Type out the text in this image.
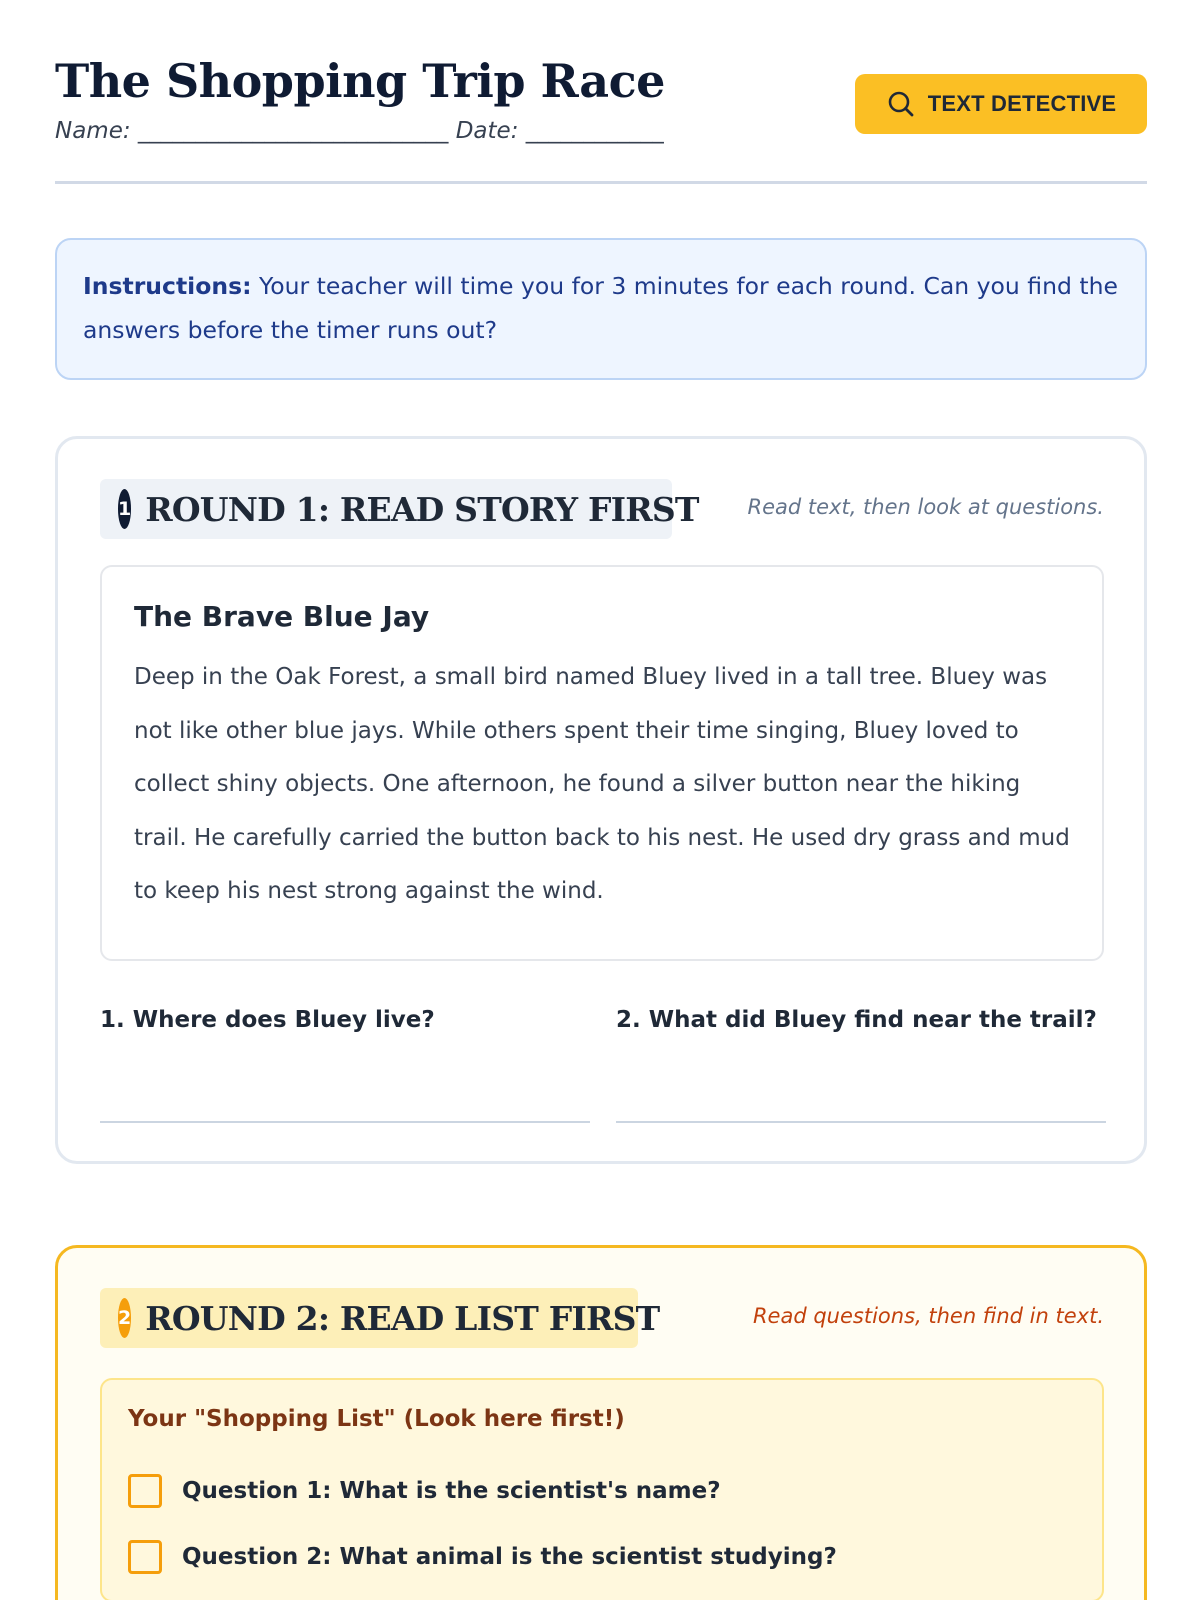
The Shopping Trip Race
Name: ___________________________ Date: ____________
TEXT DETECTIVE
Instructions: Your teacher will time you for 3 minutes for each round. Can you find the answers before the timer runs out?
1 ROUND 1: READ STORY FIRST Read text, then look at questions.
The Brave Blue Jay
Deep in the Oak Forest, a small bird named Bluey lived in a tall tree. Bluey was not like other blue jays. While others spent their time singing, Bluey loved to collect shiny objects. One afternoon, he found a silver button near the hiking trail. He carefully carried the button back to his nest. He used dry grass and mud to keep his nest strong against the wind.
1. Where does Bluey live?	2. What did Bluey find near the trail?
2 ROUND 2: READ LIST FIRST	Read questions, then find in text.
Your "Shopping List" (Look here first!)
Question 1: What is the scientist's name?
Question 2: What animal is the scientist studying?
